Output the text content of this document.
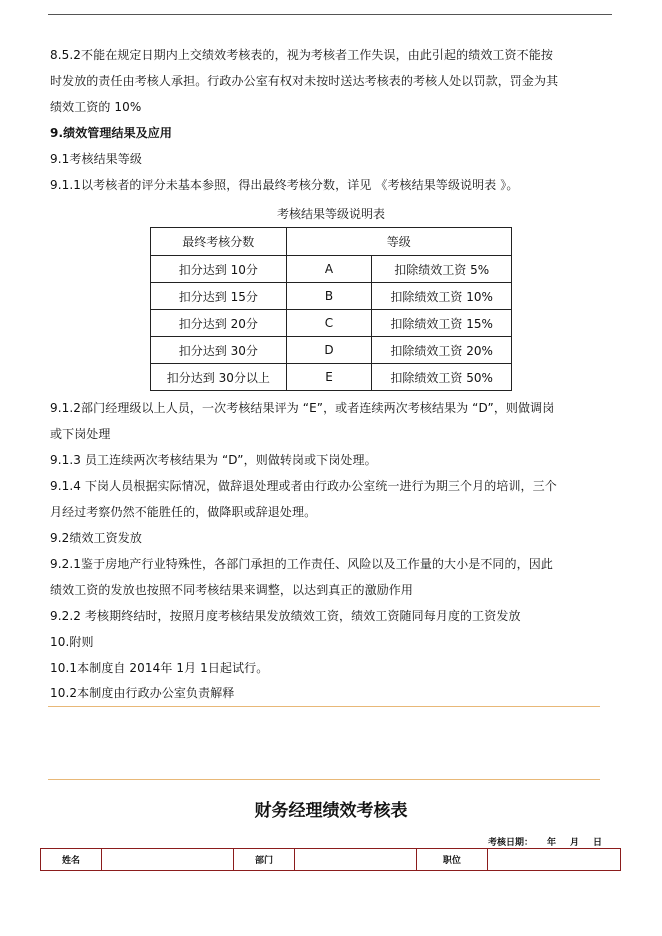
8.5.2不能在规定日期内上交绩效考核表的，视为考核者工作失误，由此引起的绩效工资不能按
时发放的责任由考核人承担。行政办公室有权对未按时送达考核表的考核人处以罚款，罚金为其
绩效工资的 10%
9.绩效管理结果及应用
9.1考核结果等级
9.1.1以考核者的评分未基本参照，得出最终考核分数，详见 《考核结果等级说明表 》。
考核结果等级说明表
最终考核分数	等级	
扣分达到 10分	A	扣除绩效工资 5%
扣分达到 15分	B	扣除绩效工资 10%
扣分达到 20分	C	扣除绩效工资 15%
扣分达到 30分	D	扣除绩效工资 20%
扣分达到 30分以上	E	扣除绩效工资 50%
9.1.2部门经理级以上人员，一次考核结果评为 “E”，或者连续两次考核结果为 “D”，则做调岗
或下岗处理
9.1.3 员工连续两次考核结果为 “D”，则做转岗或下岗处理。
9.1.4 下岗人员根据实际情况，做辞退处理或者由行政办公室统一进行为期三个月的培训，三个
月经过考察仍然不能胜任的，做降职或辞退处理。
9.2绩效工资发放
9.2.1鉴于房地产行业特殊性，各部门承担的工作责任、风险以及工作量的大小是不同的，因此
绩效工资的发放也按照不同考核结果来调整，以达到真正的激励作用
9.2.2 考核期终结时，按照月度考核结果发放绩效工资，绩效工资随同每月度的工资发放
10.附则
10.1本制度自 2014年 1月 1日起试行。
10.2本制度由行政办公室负责解释
财务经理绩效考核表
考核日期： 年 月 日
姓名		部门		职位	
